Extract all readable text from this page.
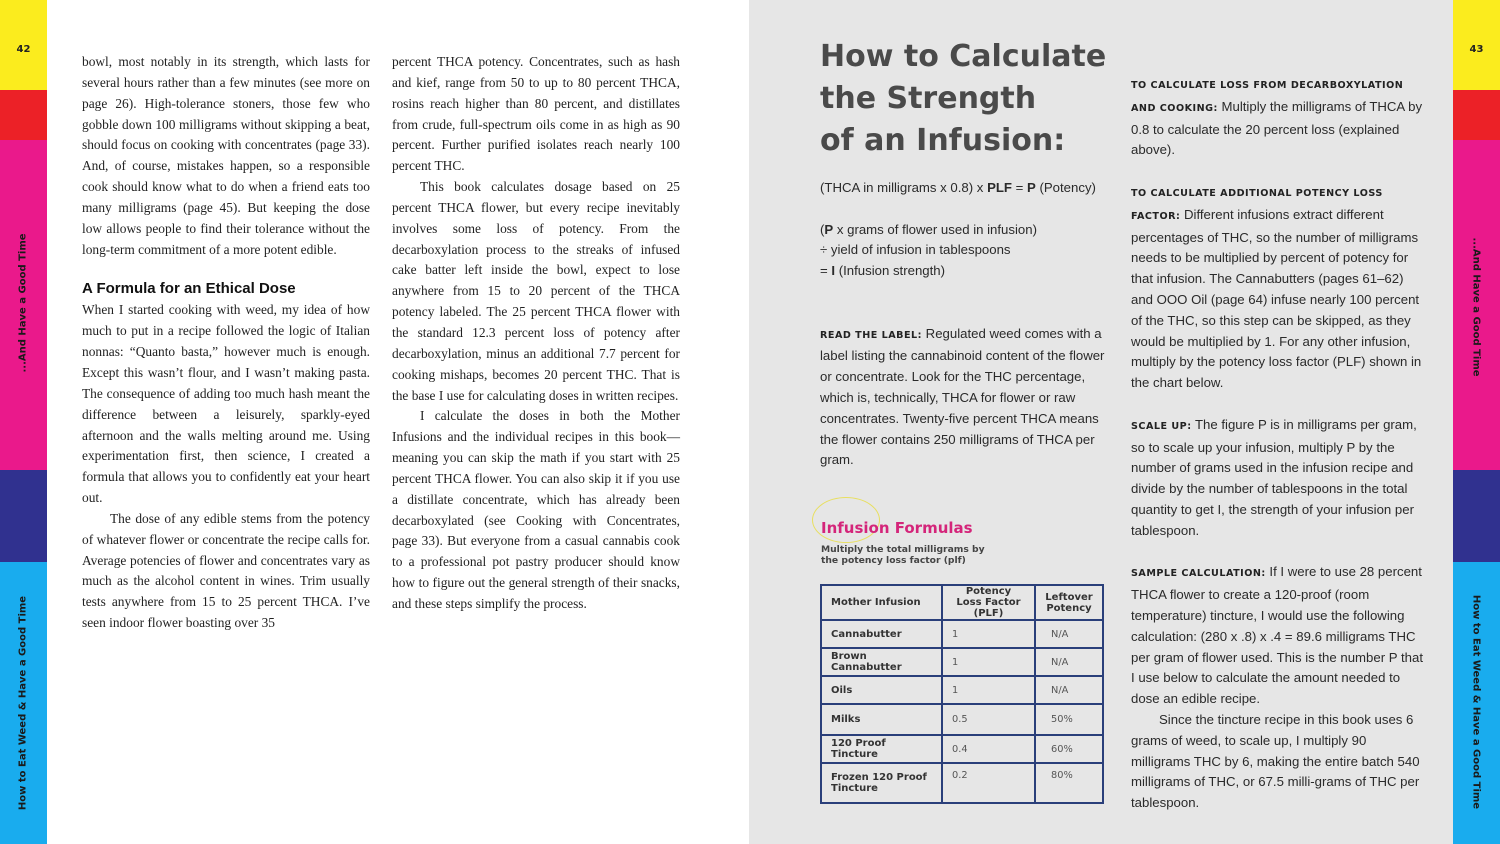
42
...And Have a Good Time
How to Eat Weed & Have a Good Time
43
...And Have a Good Time
How to Eat Weed & Have a Good Time

bowl, most notably in its strength, which lasts for several hours rather than a few minutes (see more on page 26). High-tolerance stoners, those few who gobble down 100 milligrams without skipping a beat, should focus on cooking with concentrates (page 33). And, of course, mistakes happen, so a responsible cook should know what to do when a friend eats too many milligrams (page 45). But keeping the dose low allows people to find their tolerance without the long-term commitment of a more potent edible.

A Formula for an Ethical Dose

When I started cooking with weed, my idea of how much to put in a recipe followed the logic of Italian nonnas: “Quanto basta,” however much is enough. Except this wasn’t flour, and I wasn’t making pasta. The consequence of adding too much hash meant the difference between a leisurely, sparkly-eyed afternoon and the walls melting around me. Using experimentation first, then science, I created a formula that allows you to confidently eat your heart out.

The dose of any edible stems from the potency of whatever flower or concentrate the recipe calls for. Average potencies of flower and concentrates vary as much as the alcohol content in wines. Trim usually tests anywhere from 15 to 25 percent THCA. I’ve seen indoor flower boasting over 35

percent THCA potency. Concentrates, such as hash and kief, range from 50 to up to 80 percent THCA, rosins reach higher than 80 percent, and distillates from crude, full-spectrum oils come in as high as 90 percent. Further purified isolates reach nearly 100 percent THC.

This book calculates dosage based on 25 percent THCA flower, but every recipe inevitably involves some loss of potency. From the decarboxylation process to the streaks of infused cake batter left inside the bowl, expect to lose anywhere from 15 to 20 percent of the THCA potency labeled. The 25 percent THCA flower with the standard 12.3 percent loss of potency after decarboxylation, minus an additional 7.7 percent for cooking mishaps, becomes 20 percent THC. That is the base I use for calculating doses in written recipes.

I calculate the doses in both the Mother Infusions and the individual recipes in this book—meaning you can skip the math if you start with 25 percent THCA flower. You can also skip it if you use a distillate concentrate, which has already been decarboxylated (see Cooking with Concentrates, page 33). But everyone from a casual cannabis cook to a professional pot pastry producer should know how to figure out the general strength of their snacks, and these steps simplify the process.

How to Calculate
the Strength
of an Infusion:

(THCA in milligrams x 0.8) x PLF = P (Potency)

(P x grams of flower used in infusion)

÷ yield of infusion in tablespoons

= I (Infusion strength)

READ THE LABEL: Regulated weed comes with a label listing the cannabinoid content of the flower or concentrate. Look for the THC percentage, which is, technically, THCA for flower or raw concentrates. Twenty-five percent THCA means the flower contains 250 milligrams of THCA per gram.

Infusion Formulas
Multiply the total milligrams by
the potency loss factor (plf)
Mother Infusion	Potency Loss Factor (PLF)	Leftover Potency
Cannabutter	1	N/A
Brown Cannabutter	1	N/A
Oils	1	N/A
Milks	0.5	50%
120 Proof Tincture	0.4	60%
Frozen 120 Proof Tincture	0.2	80%

TO CALCULATE LOSS FROM DECARBOXYLATION AND COOKING: Multiply the milligrams of THCA by 0.8 to calculate the 20 percent loss (explained above).

TO CALCULATE ADDITIONAL POTENCY LOSS FACTOR: Different infusions extract different percentages of THC, so the number of milligrams needs to be multiplied by percent of potency for that infusion. The Cannabutters (pages 61–62) and OOO Oil (page 64) infuse nearly 100 percent of the THC, so this step can be skipped, as they would be multiplied by 1. For any other infusion, multiply by the potency loss factor (PLF) shown in the chart below.

SCALE UP: The figure P is in milligrams per gram, so to scale up your infusion, multiply P by the number of grams used in the infusion recipe and divide by the number of tablespoons in the total quantity to get I, the strength of your infusion per tablespoon.

SAMPLE CALCULATION: If I were to use 28 percent THCA flower to create a 120-proof (room temperature) tincture, I would use the following calculation: (280 x .8) x .4 = 89.6 milligrams THC per gram of flower used. This is the number P that I use below to calculate the amount needed to dose an edible recipe.

Since the tincture recipe in this book uses 6 grams of weed, to scale up, I multiply 90 milligrams THC by 6, making the entire batch 540 milligrams of THC, or 67.5 milli-grams of THC per tablespoon.
